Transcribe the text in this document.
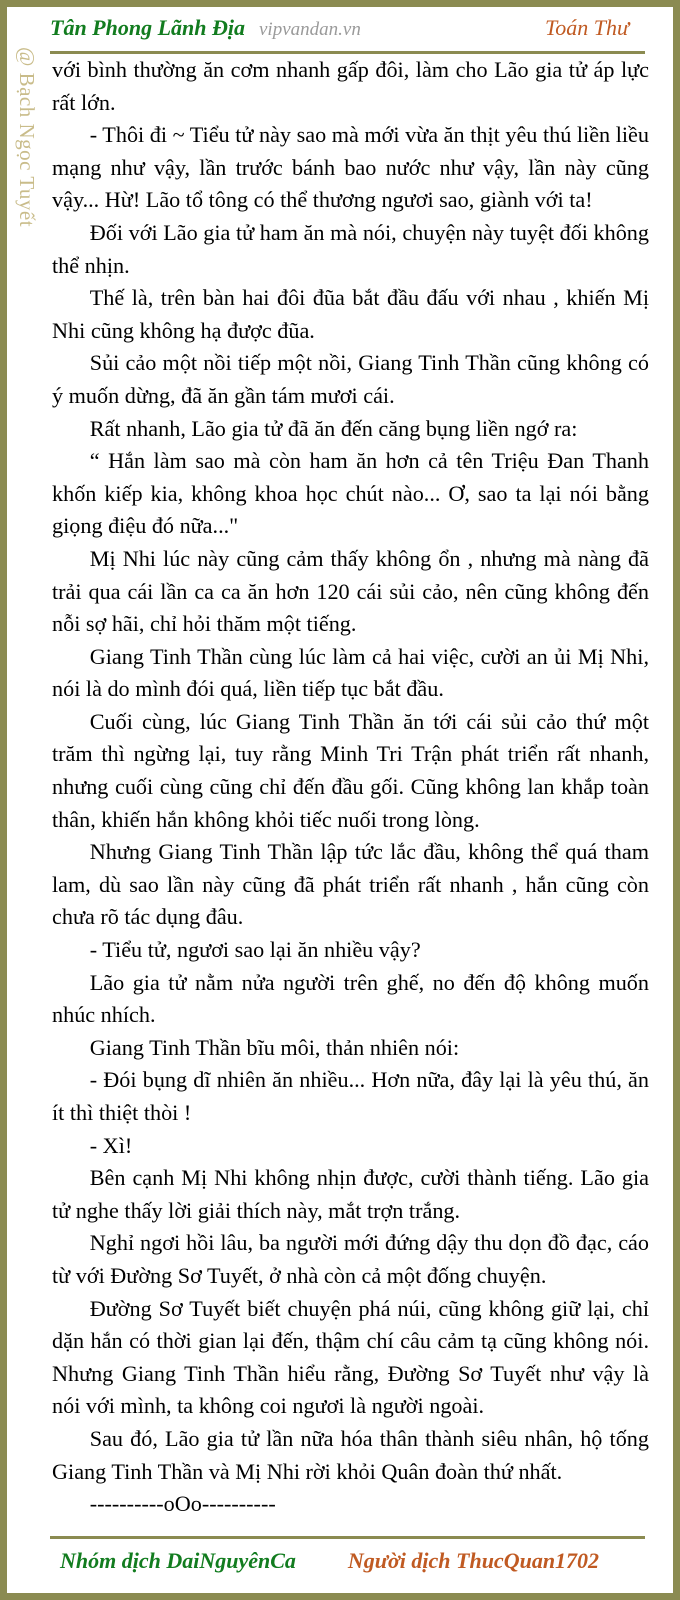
@ Bạch Ngọc Tuyết
Tân Phong Lãnh Địa vipvandan.vn	Toán Thư

với bình thường ăn cơm nhanh gấp đôi, làm cho Lão gia tử áp lực rất lớn.

- Thôi đi ~ Tiểu tử này sao mà mới vừa ăn thịt yêu thú liền liều mạng như vậy, lần trước bánh bao nước như vậy, lần này cũng vậy... Hừ! Lão tổ tông có thể thương ngươi sao, giành với ta!

Đối với Lão gia tử ham ăn mà nói, chuyện này tuyệt đối không thể nhịn.

Thế là, trên bàn hai đôi đũa bắt đầu đấu với nhau , khiến Mị Nhi cũng không hạ được đũa.

Sủi cảo một nồi tiếp một nồi, Giang Tinh Thần cũng không có ý muốn dừng, đã ăn gần tám mươi cái.

Rất nhanh, Lão gia tử đã ăn đến căng bụng liền ngớ ra:

“ Hắn làm sao mà còn ham ăn hơn cả tên Triệu Đan Thanh khốn kiếp kia, không khoa học chút nào... Ơ, sao ta lại nói bằng giọng điệu đó nữa..."

Mị Nhi lúc này cũng cảm thấy không ổn , nhưng mà nàng đã trải qua cái lần ca ca ăn hơn 120 cái sủi cảo, nên cũng không đến nỗi sợ hãi, chỉ hỏi thăm một tiếng.

Giang Tinh Thần cùng lúc làm cả hai việc, cười an ủi Mị Nhi, nói là do mình đói quá, liền tiếp tục bắt đầu.

Cuối cùng, lúc Giang Tinh Thần ăn tới cái sủi cảo thứ một trăm thì ngừng lại, tuy rằng Minh Tri Trận phát triển rất nhanh, nhưng cuối cùng cũng chỉ đến đầu gối. Cũng không lan khắp toàn thân, khiến hắn không khỏi tiếc nuối trong lòng.

Nhưng Giang Tinh Thần lập tức lắc đầu, không thể quá tham lam, dù sao lần này cũng đã phát triển rất nhanh , hắn cũng còn chưa rõ tác dụng đâu.

- Tiểu tử, ngươi sao lại ăn nhiều vậy?

Lão gia tử nằm nửa người trên ghế, no đến độ không muốn nhúc nhích.

Giang Tinh Thần bĩu môi, thản nhiên nói:

- Đói bụng dĩ nhiên ăn nhiều... Hơn nữa, đây lại là yêu thú, ăn ít thì thiệt thòi !

- Xì!

Bên cạnh Mị Nhi không nhịn được, cười thành tiếng. Lão gia tử nghe thấy lời giải thích này, mắt trợn trắng.

Nghỉ ngơi hồi lâu, ba người mới đứng dậy thu dọn đồ đạc, cáo từ với Đường Sơ Tuyết, ở nhà còn cả một đống chuyện.

Đường Sơ Tuyết biết chuyện phá núi, cũng không giữ lại, chỉ dặn hắn có thời gian lại đến, thậm chí câu cảm tạ cũng không nói. Nhưng Giang Tinh Thần hiểu rằng, Đường Sơ Tuyết như vậy là nói với mình, ta không coi ngươi là người ngoài.

Sau đó, Lão gia tử lần nữa hóa thân thành siêu nhân, hộ tống Giang Tinh Thần và Mị Nhi rời khỏi Quân đoàn thứ nhất.

----------oOo----------

Nhóm dịch DaiNguyênCa Người dịch ThucQuan1702
